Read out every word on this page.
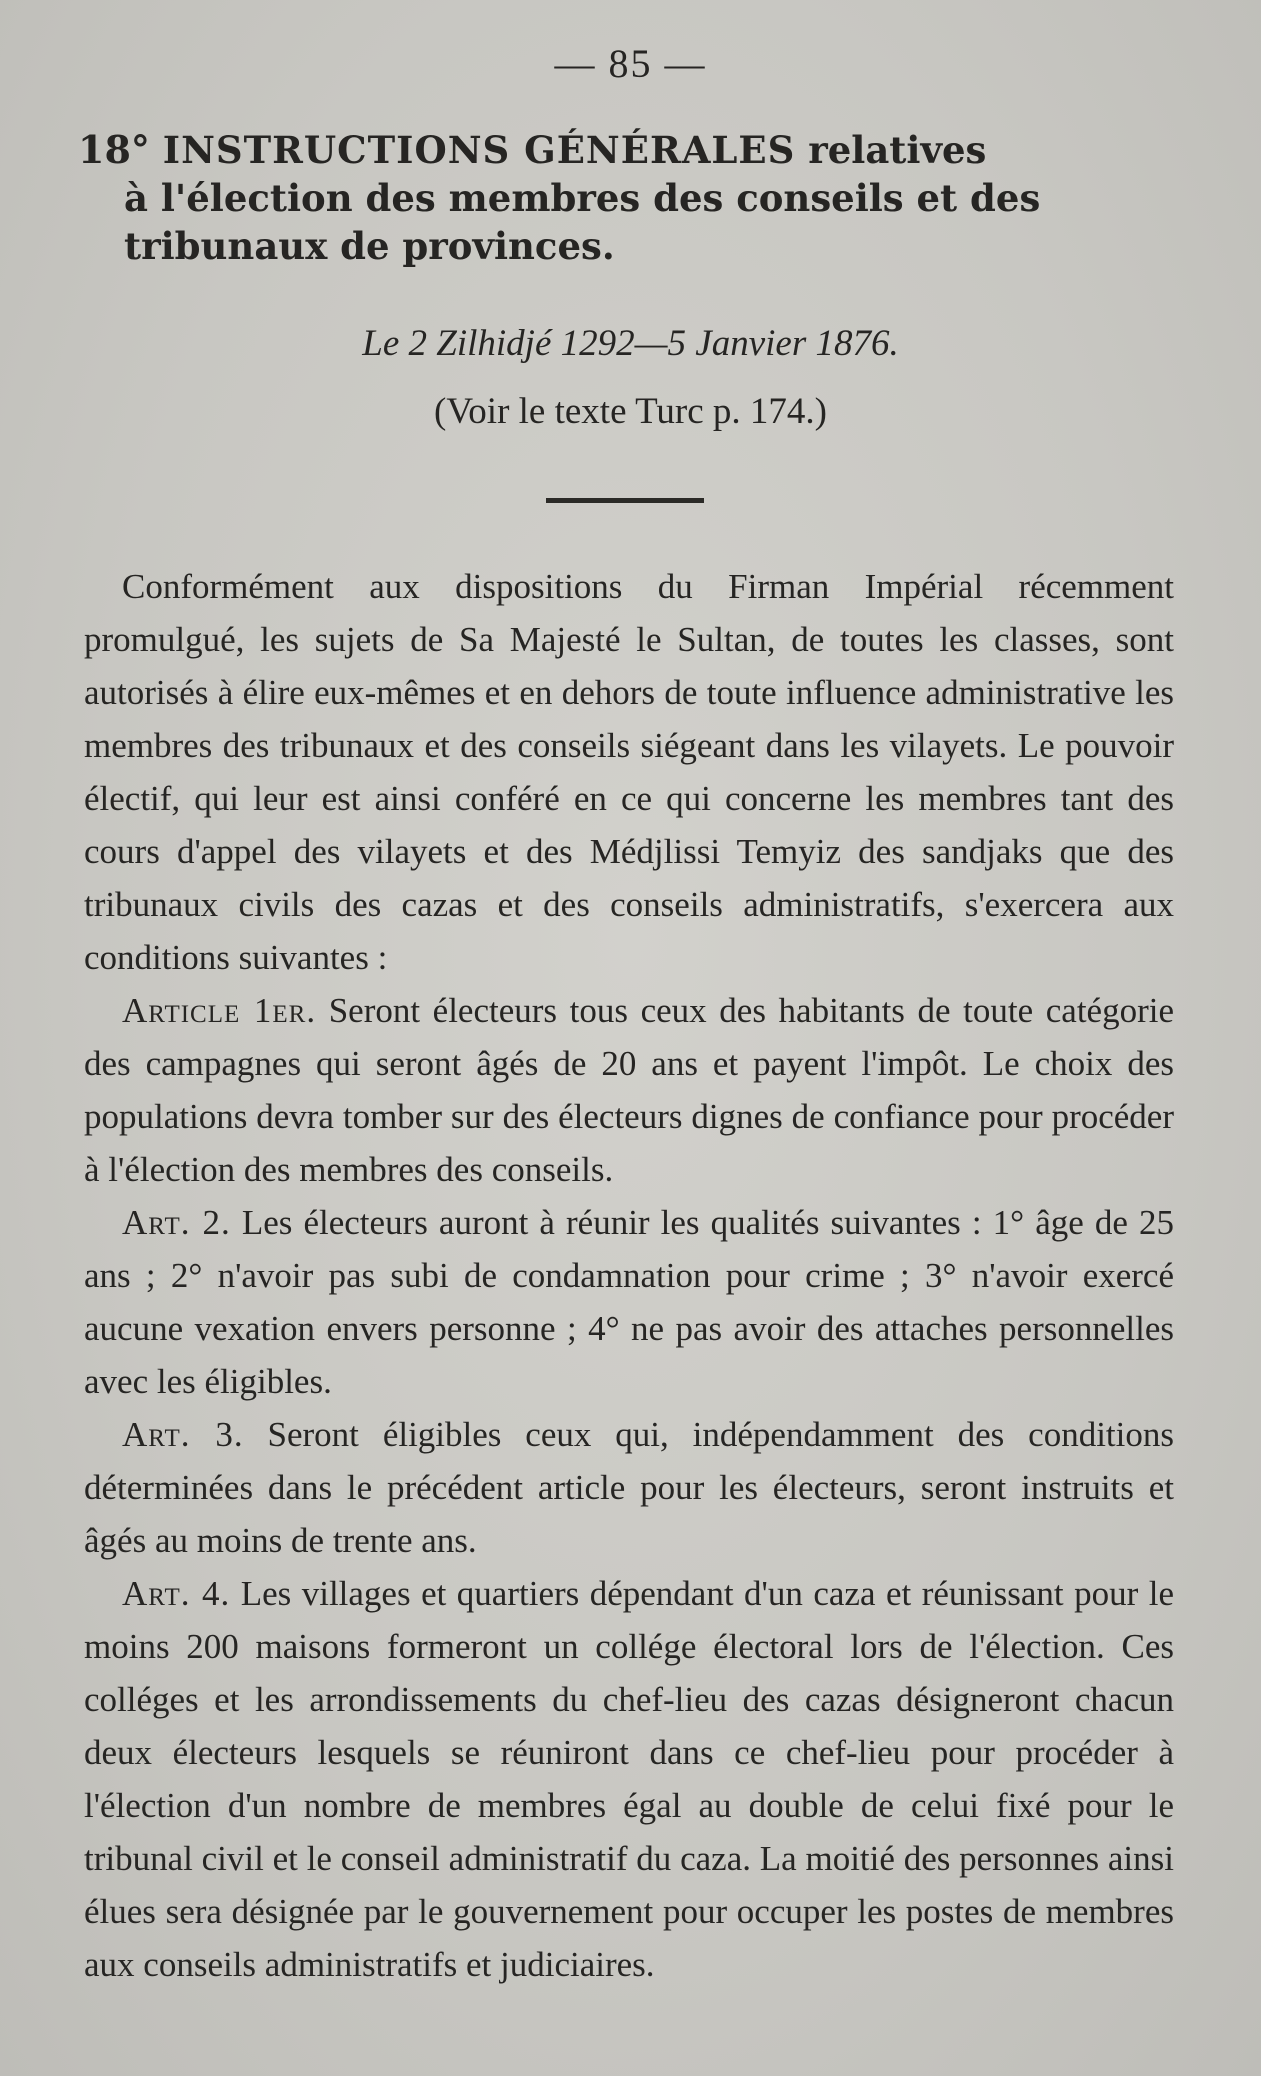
— 85 —
18° INSTRUCTIONS GÉNÉRALES relatives
à l'élection des membres des conseils et des
tribunaux de provinces.
Le 2 Zilhidjé 1292—5 Janvier 1876.
(Voir le texte Turc p. 174.)

Conformément aux dispositions du Firman Impérial récemment promulgué, les sujets de Sa Majesté le Sultan, de toutes les classes, sont autorisés à élire eux-mêmes et en dehors de toute influence administrative les membres des tribunaux et des conseils siégeant dans les vilayets. Le pouvoir électif, qui leur est ainsi conféré en ce qui concerne les membres tant des cours d'appel des vilayets et des Médjlissi Temyiz des sandjaks que des tribunaux civils des cazas et des conseils administratifs, s'exercera aux conditions suivantes :

Article 1er. Seront électeurs tous ceux des habitants de toute catégorie des campagnes qui seront âgés de 20 ans et payent l'impôt. Le choix des populations devra tomber sur des électeurs dignes de confiance pour procéder à l'élection des membres des conseils.

Art. 2. Les électeurs auront à réunir les qualités suivantes : 1° âge de 25 ans ; 2° n'avoir pas subi de condamnation pour crime ; 3° n'avoir exercé aucune vexation envers personne ; 4° ne pas avoir des attaches personnelles avec les éligibles.

Art. 3. Seront éligibles ceux qui, indépendamment des conditions déterminées dans le précédent article pour les électeurs, seront instruits et âgés au moins de trente ans.

Art. 4. Les villages et quartiers dépendant d'un caza et réunissant pour le moins 200 maisons formeront un collége électoral lors de l'élection. Ces colléges et les arrondissements du chef-lieu des cazas désigneront chacun deux électeurs lesquels se réuniront dans ce chef-lieu pour procéder à l'élection d'un nombre de membres égal au double de celui fixé pour le tribunal civil et le conseil administratif du caza. La moitié des personnes ainsi élues sera désignée par le gouvernement pour occuper les postes de membres aux conseils administratifs et judiciaires.
